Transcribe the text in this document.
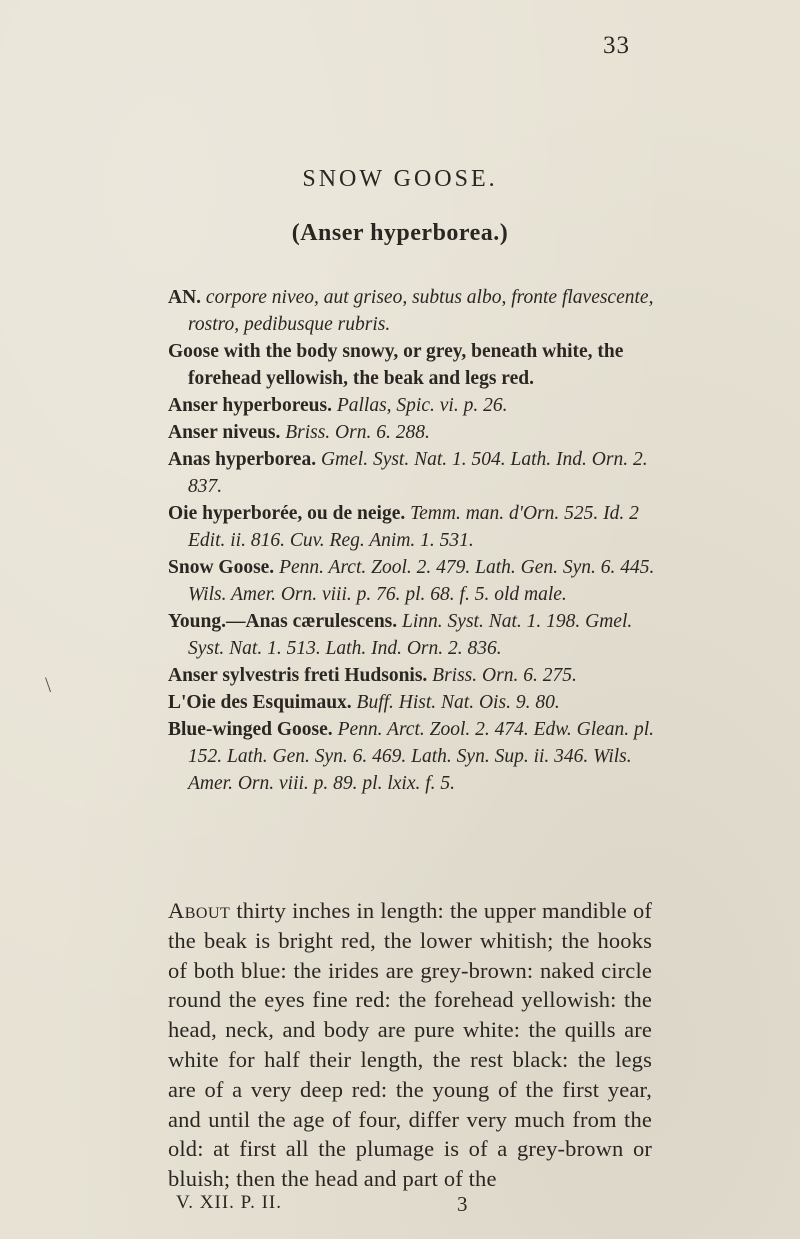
33
SNOW GOOSE.
(Anser hyperborea.)
AN. corpore niveo, aut griseo, subtus albo, fronte flavescente, rostro, pedibusque rubris.
Goose with the body snowy, or grey, beneath white, the forehead yellowish, the beak and legs red.
Anser hyperboreus. Pallas, Spic. vi. p. 26.
Anser niveus. Briss. Orn. 6. 288.
Anas hyperborea. Gmel. Syst. Nat. 1. 504. Lath. Ind. Orn. 2. 837.
Oie hyperborée, ou de neige. Temm. man. d'Orn. 525. Id. 2 Edit. ii. 816. Cuv. Reg. Anim. 1. 531.
Snow Goose. Penn. Arct. Zool. 2. 479. Lath. Gen. Syn. 6. 445. Wils. Amer. Orn. viii. p. 76. pl. 68. f. 5. old male.
Young.—Anas cærulescens. Linn. Syst. Nat. 1. 198. Gmel. Syst. Nat. 1. 513. Lath. Ind. Orn. 2. 836.
Anser sylvestris freti Hudsonis. Briss. Orn. 6. 275.
L'Oie des Esquimaux. Buff. Hist. Nat. Ois. 9. 80.
Blue-winged Goose. Penn. Arct. Zool. 2. 474. Edw. Glean. pl. 152. Lath. Gen. Syn. 6. 469. Lath. Syn. Sup. ii. 346. Wils. Amer. Orn. viii. p. 89. pl. lxix. f. 5.

About thirty inches in length: the upper mandible of the beak is bright red, the lower whitish; the hooks of both blue: the irides are grey-brown: naked circle round the eyes fine red: the forehead yellowish: the head, neck, and body are pure white: the quills are white for half their length, the rest black: the legs are of a very deep red: the young of the first year, and until the age of four, differ very much from the old: at first all the plumage is of a grey-brown or bluish; then the head and part of the

\
V. XII. P. II.	3
